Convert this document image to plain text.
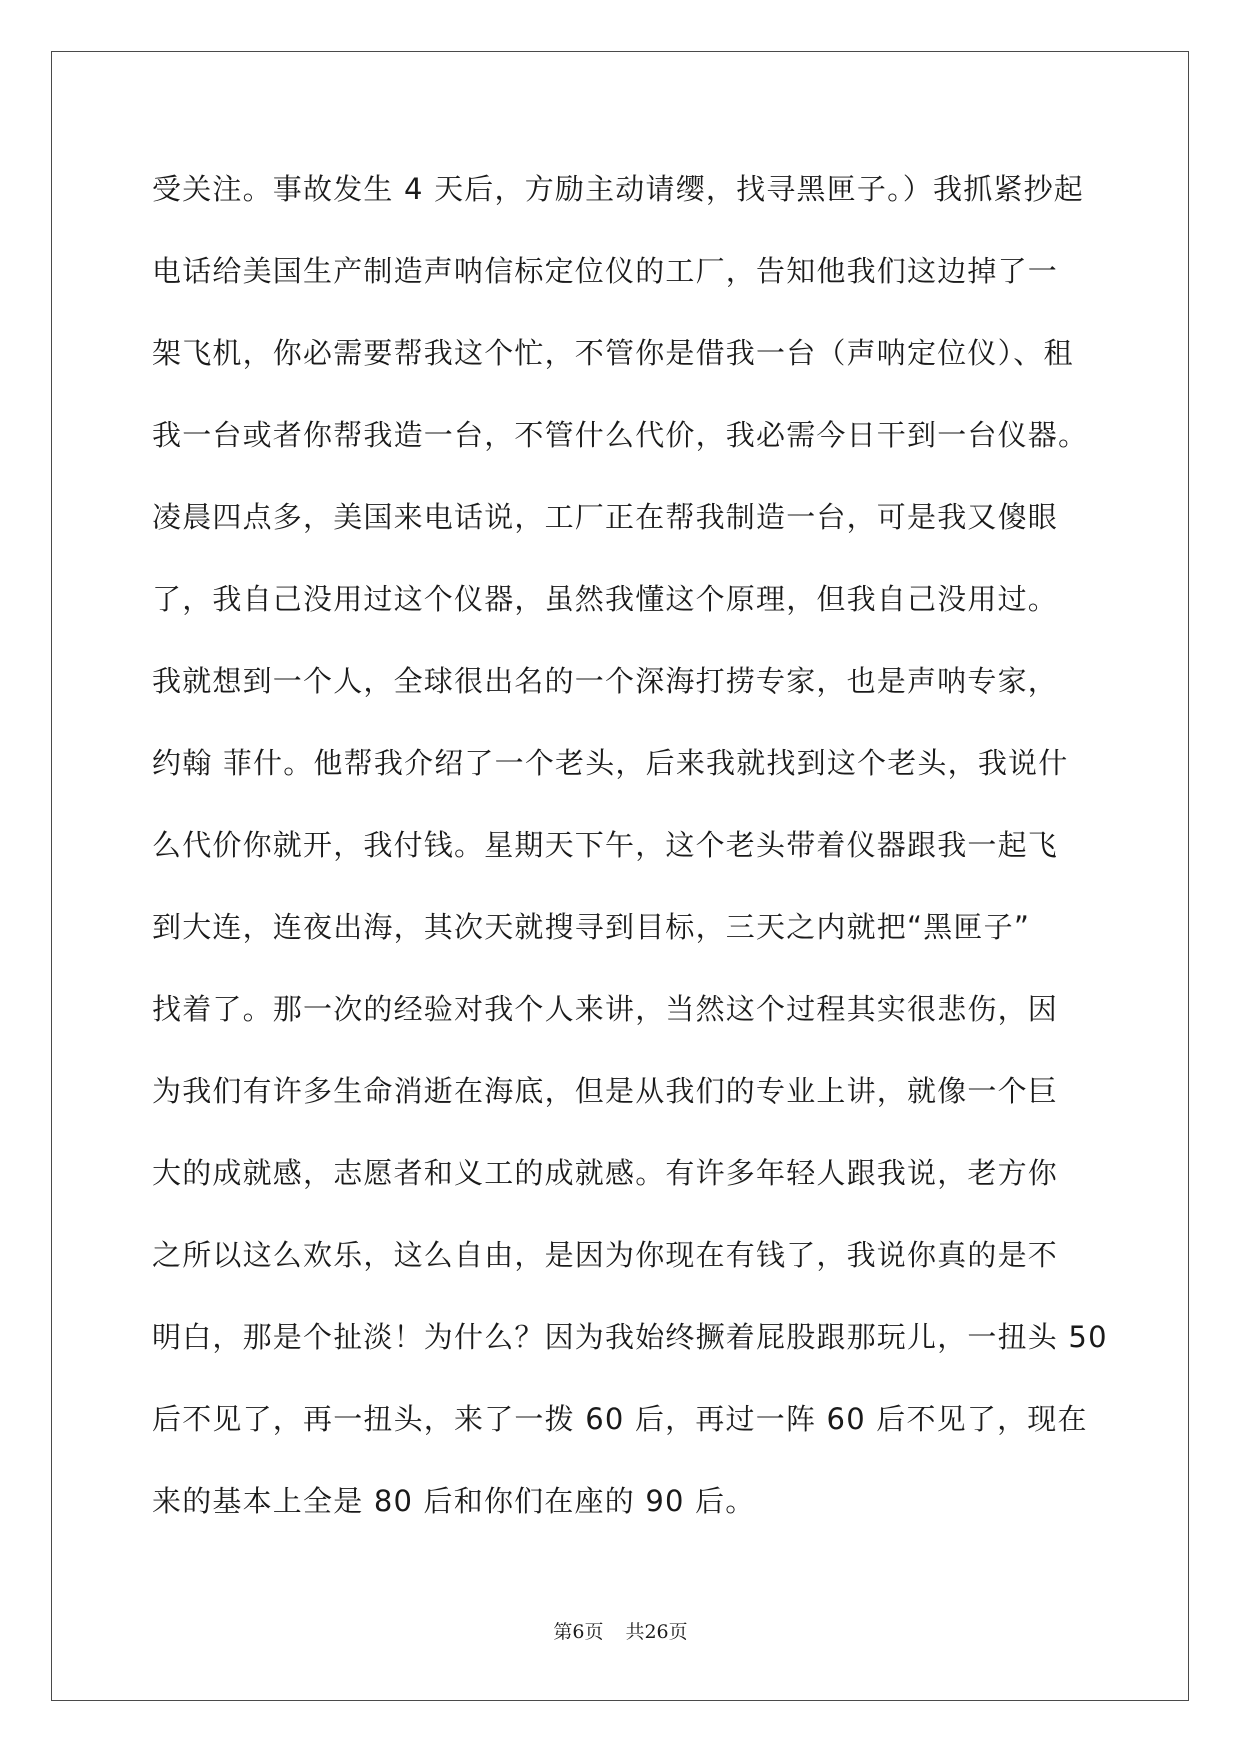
受关注。事故发生 4 天后，方励主动请缨，找寻黑匣子。）我抓紧抄起
电话给美国生产制造声呐信标定位仪的工厂，告知他我们这边掉了一
架飞机，你必需要帮我这个忙，不管你是借我一台（声呐定位仪）、租
我一台或者你帮我造一台，不管什么代价，我必需今日干到一台仪器。
凌晨四点多，美国来电话说，工厂正在帮我制造一台，可是我又傻眼
了，我自己没用过这个仪器，虽然我懂这个原理，但我自己没用过。
我就想到一个人，全球很出名的一个深海打捞专家，也是声呐专家，
约翰 菲什。他帮我介绍了一个老头，后来我就找到这个老头，我说什
么代价你就开，我付钱。星期天下午，这个老头带着仪器跟我一起飞
到大连，连夜出海，其次天就搜寻到目标，三天之内就把“黑匣子”
找着了。那一次的经验对我个人来讲，当然这个过程其实很悲伤，因
为我们有许多生命消逝在海底，但是从我们的专业上讲，就像一个巨
大的成就感，志愿者和义工的成就感。有许多年轻人跟我说，老方你
之所以这么欢乐，这么自由，是因为你现在有钱了，我说你真的是不
明白，那是个扯淡！为什么？因为我始终撅着屁股跟那玩儿，一扭头 50
后不见了，再一扭头，来了一拨 60 后，再过一阵 60 后不见了，现在
来的基本上全是 80 后和你们在座的 90 后。
第6页 共26页
